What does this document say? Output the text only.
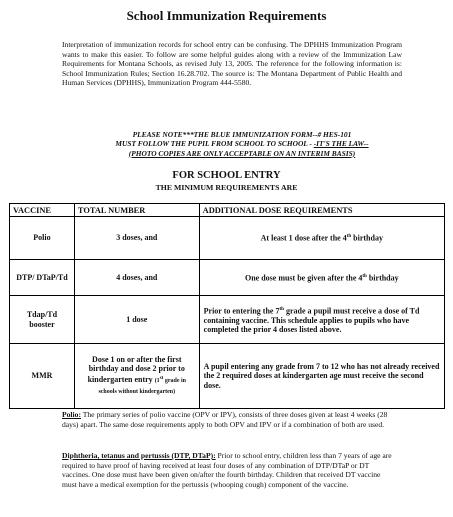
School Immunization Requirements

Interpretation of immunization records for school entry can be confusing. The DPHHS Immunization Program wants to make this easier. To follow are some helpful guides along with a review of the Immunization Law Requirements for Montana Schools, as revised July 13, 2005. The reference for the following information is: School Immunization Rules; Section 16.28.702. The source is: The Montana Department of Public Health and Human Services (DPHHS), Immunization Program 444-5580.

PLEASE NOTE***THE BLUE IMMUNIZATION FORM--# HES-101
MUST FOLLOW THE PUPIL FROM SCHOOL TO SCHOOL - -IT'S THE LAW--
(PHOTO COPIES ARE ONLY ACCEPTABLE ON AN INTERIM BASIS)
FOR SCHOOL ENTRY
THE MINIMUM REQUIREMENTS ARE
VACCINE	TOTAL NUMBER	ADDITIONAL DOSE REQUIREMENTS
Polio	3 doses, and	At least 1 dose after the 4th birthday
DTP/ DTaP/Td	4 doses, and	One dose must be given after the 4th birthday
Tdap/Td booster	1 dose	Prior to entering the 7th grade a pupil must receive a dose of Td containing vaccine. This schedule applies to pupils who have completed the prior 4 doses listed above.
MMR	Dose 1 on or after the first birthday and dose 2 prior to kindergarten entry (1st grade in schools without kindergarten)	A pupil entering any grade from 7 to 12 who has not already received the 2 required doses at kindergarten age must receive the second dose.

Polio: The primary series of polio vaccine (OPV or IPV), consists of three doses given at least 4 weeks (28 days) apart. The same dose requirements apply to both OPV and IPV or if a combination of both are used.

Diphtheria, tetanus and pertussis (DTP, DTaP): Prior to school entry, children less than 7 years of age are required to have proof of having received at least four doses of any combination of DTP/DTaP or DT vaccines. One dose must have been given on/after the fourth birthday. Children that received DT vaccine must have a medical exemption for the pertussis (whooping cough) component of the vaccine.
